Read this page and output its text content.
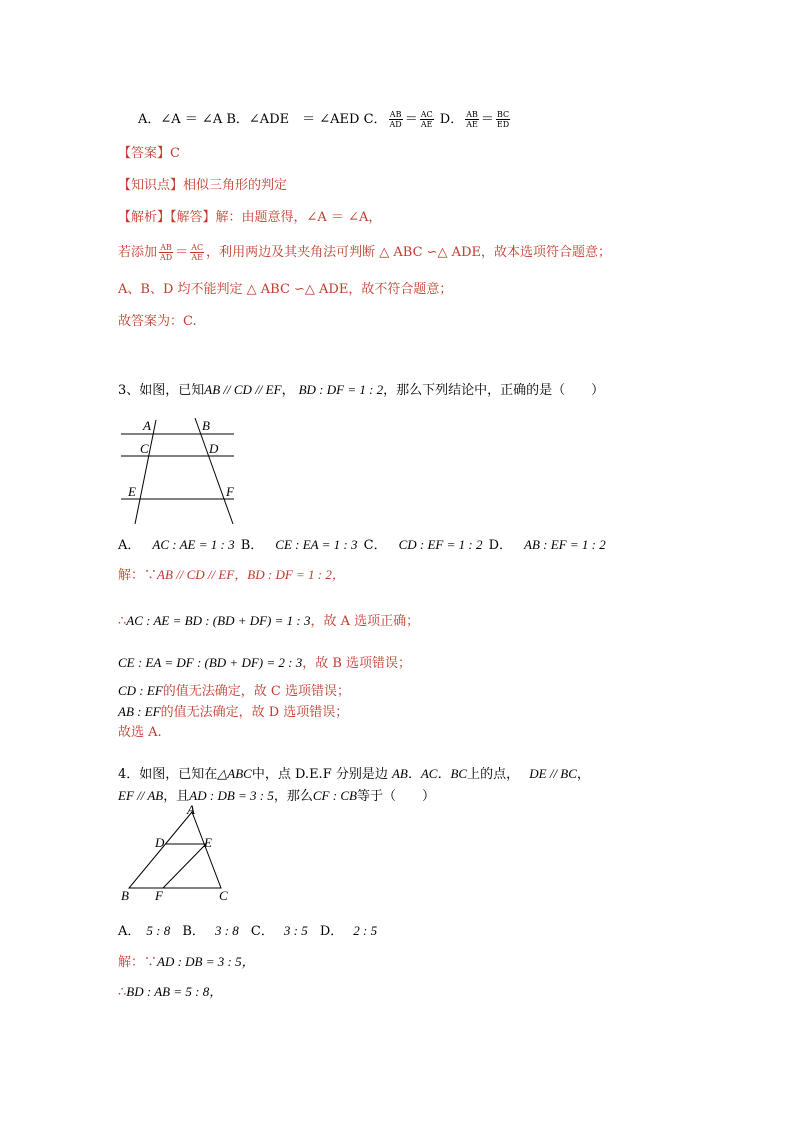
A．∠A ＝ ∠A B．∠ADE　＝ ∠AED C． $\frac{AB}{AD} = \frac{AC}{AE}$ D． $\frac{AB}{AE} = \frac{BC}{ED}$
【答案】C
【知识点】相似三角形的判定
【解析】【解答】解：由题意得，∠A ＝ ∠A，
若添加 $\frac{AB}{AD} = \frac{AC}{AE}$ ，利用两边及其夹角法可判断 △ ABC ∽△ ADE，故本选项符合题意；
A、B、D 均不能判定 △ ABC ∽△ ADE，故不符合题意；
故答案为：C.
3、如图，已知AB // CD // EF， BD : DF = 1 : 2，那么下列结论中，正确的是（　　）
A	B
C	D
E	F
A． AC : AE = 1 : 3 B． CE : EA = 1 : 3 C． CD : EF = 1 : 2 D． AB : EF = 1 : 2
解：∵AB // CD // EF，BD : DF = 1 : 2，
∴AC : AE = BD : (BD + DF) = 1 : 3，故 A 选项正确；
CE : EA = DF : (BD + DF) = 2 : 3，故 B 选项错误；
CD : EF的值无法确定，故 C 选项错误；
AB : EF的值无法确定，故 D 选项错误；
故选 A.
4．如图，已知在△ABC中，点 D.E.F 分别是边 AB．AC．BC上的点， DE // BC，
EF // AB，且AD : DB = 3 : 5，那么CF : CB等于（　　）
A
D	E
B F	C
A． 5 : 8 B． 3 : 8 C． 3 : 5 D． 2 : 5
解：∵AD : DB = 3 : 5，
∴BD : AB = 5 : 8，
